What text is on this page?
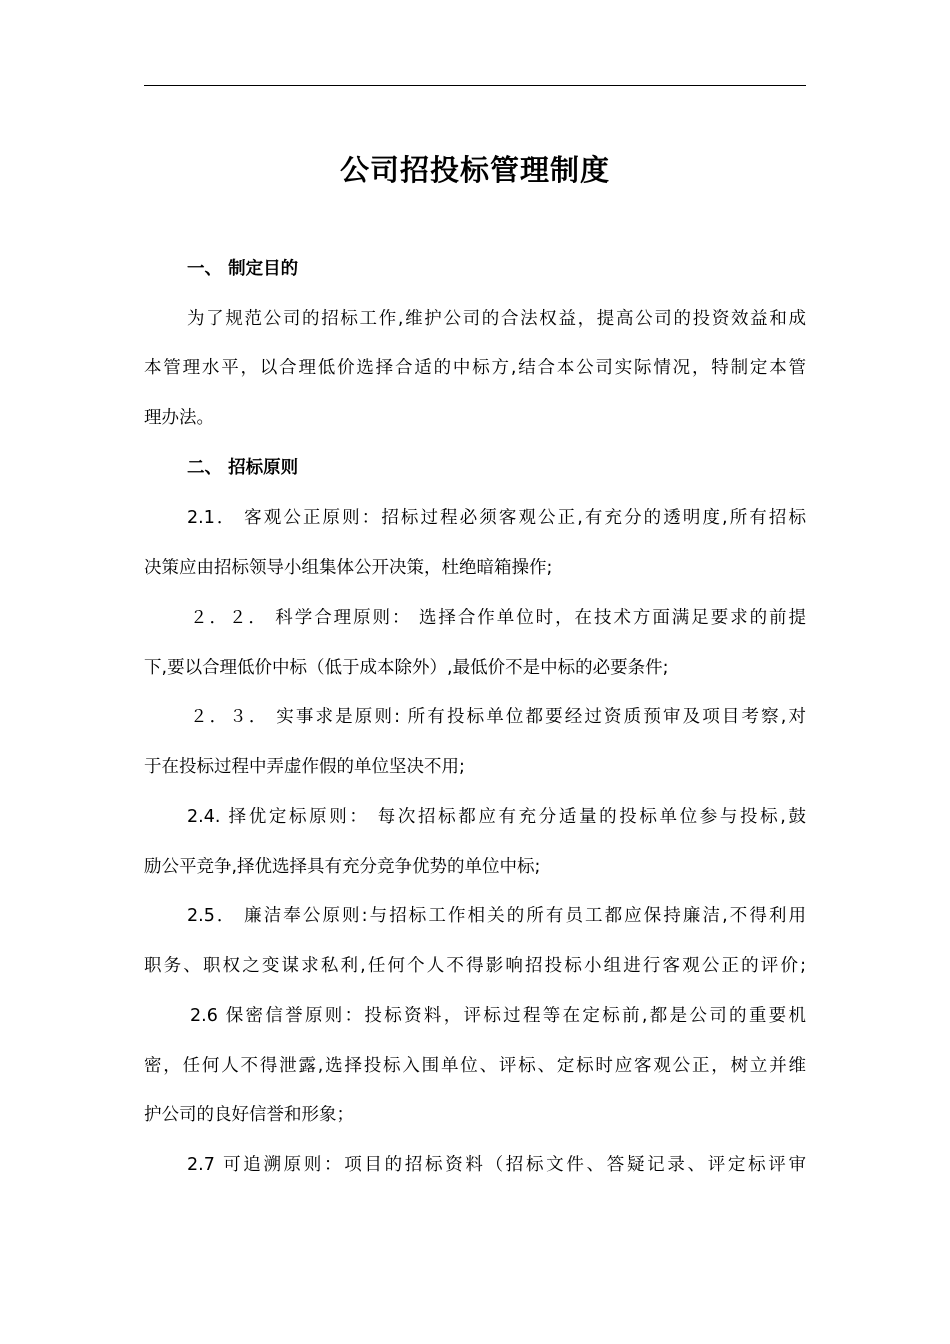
公司招投标管理制度
一、 制定目的
为了规范公司的招标工作,维护公司的合法权益，提高公司的投资效益和成
本管理水平，以合理低价选择合适的中标方,结合本公司实际情况，特制定本管
理办法。
二、 招标原则
2.1． 客观公正原则：招标过程必须客观公正,有充分的透明度,所有招标
决策应由招标领导小组集体公开决策，杜绝暗箱操作;
２．２． 科学合理原则： 选择合作单位时，在技术方面满足要求的前提
下,要以合理低价中标（低于成本除外）,最低价不是中标的必要条件;
２．３． 实事求是原则: 所有投标单位都要经过资质预审及项目考察,对
于在投标过程中弄虚作假的单位坚决不用;
2.4. 择优定标原则： 每次招标都应有充分适量的投标单位参与投标,鼓
励公平竞争,择优选择具有充分竞争优势的单位中标;
2.5． 廉洁奉公原则:与招标工作相关的所有员工都应保持廉洁,不得利用
职务、职权之变谋求私利,任何个人不得影响招投标小组进行客观公正的评价;
2.6 保密信誉原则：投标资料，评标过程等在定标前,都是公司的重要机
密，任何人不得泄露,选择投标入围单位、评标、定标时应客观公正，树立并维
护公司的良好信誉和形象；
2.7 可追溯原则：项目的招标资料（招标文件、答疑记录、评定标评审
